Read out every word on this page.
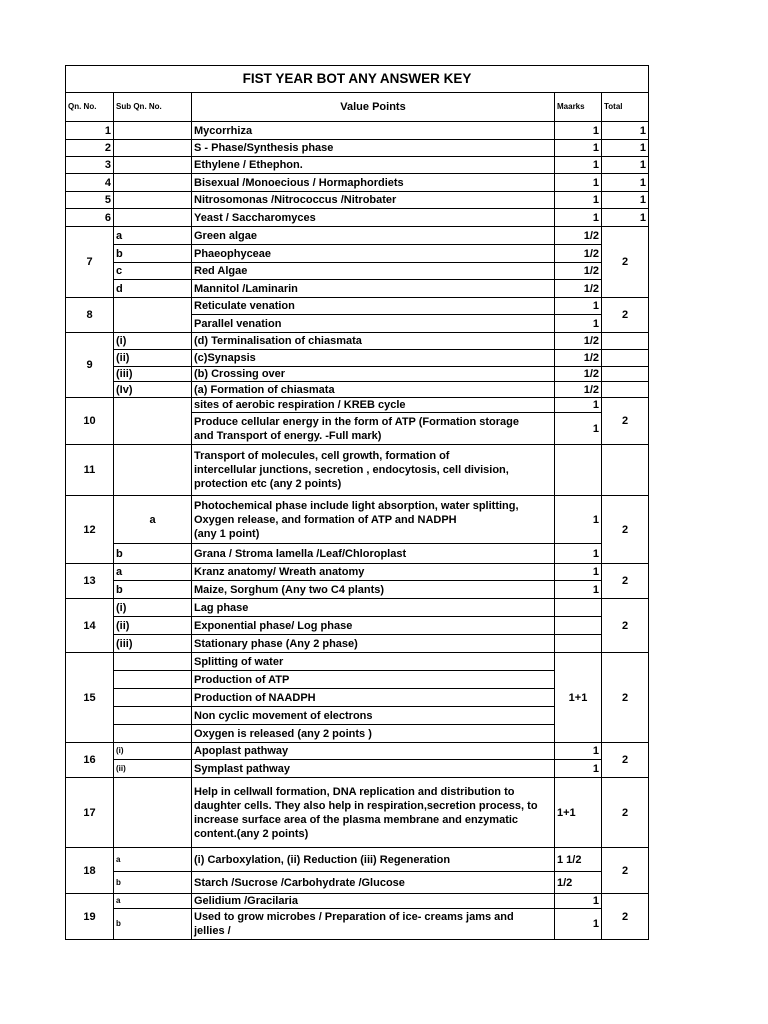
FIST YEAR BOT ANY ANSWER KEY				
Qn. No.	Sub Qn. No.	Value Points	Maarks	Total
1		Mycorrhiza	1	1
2		S - Phase/Synthesis phase	1	1
3		Ethylene / Ethephon.	1	1
4		Bisexual /Monoecious / Hormaphordiets	1	1
5		Nitrosomonas /Nitrococcus /Nitrobater	1	1
6		Yeast / Saccharomyces	1	1
7	a	Green algae	1/2	2
	b	Phaeophyceae	1/2	
	c	Red Algae	1/2	
	d	Mannitol /Laminarin	1/2	
8		Reticulate venation	1	2
		Parallel venation	1	
9	(i)	(d) Terminalisation of chiasmata	1/2	
	(ii)	(c)Synapsis	1/2	
	(iii)	(b) Crossing over	1/2	
	(Iv)	(a) Formation of chiasmata	1/2	
10		sites of aerobic respiration / KREB cycle	1	2

		Produce cellular energy in the form of ATP (Formation storage
and Transport of energy. -Full mark)	1	
11		Transport of molecules, cell growth, formation of
intercellular junctions, secretion , endocytosis, cell division,
protection etc (any 2 points)		

12	a	Photochemical phase include light absorption, water splitting,
Oxygen release, and formation of ATP and NADPH
(any 1 point)	1	2
	b	Grana / Stroma lamella /Leaf/Chloroplast	1	
13	a	Kranz anatomy/ Wreath anatomy	1	2
	b	Maize, Sorghum (Any two C4 plants)	1	
14	(i)	Lag phase		2
	(ii)	Exponential phase/ Log phase		
	(iii)	Stationary phase (Any 2 phase)		
15		Splitting of water	1+1	2
		Production of ATP		
		Production of NAADPH		
		Non cyclic movement of electrons		
		Oxygen is released (any 2 points )		
16	(i)	Apoplast pathway	1	2
	(ii)	Symplast pathway	1	
17		Help in cellwall formation, DNA replication and distribution to
daughter cells. They also help in respiration,secretion process, to
increase surface area of the plasma membrane and enzymatic
content.(any 2 points)	1+1	2
18	a	(i) Carboxylation, (ii) Reduction (iii) Regeneration	1 1/2	2
	b	Starch /Sucrose /Carbohydrate /Glucose	1/2	
19	a	Gelidium /Gracilaria	1	2
	b	Used to grow microbes / Preparation of ice- creams jams and
jellies /	1	
